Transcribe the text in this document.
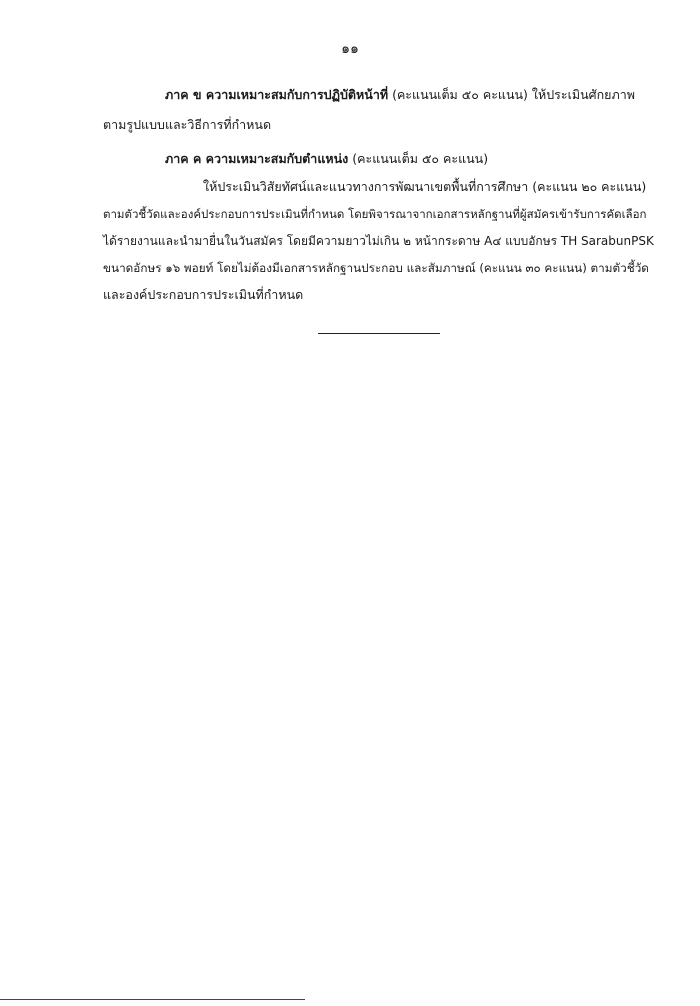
๑๑
ภาค ข ความเหมาะสมกับการปฏิบัติหน้าที่ (คะแนนเต็ม ๕๐ คะแนน) ให้ประเมินศักยภาพ
ตามรูปแบบและวิธีการที่กำหนด
ภาค ค ความเหมาะสมกับตำแหน่ง (คะแนนเต็ม ๕๐ คะแนน)
ให้ประเมินวิสัยทัศน์และแนวทางการพัฒนาเขตพื้นที่การศึกษา (คะแนน ๒๐ คะแนน)
ตามตัวชี้วัดและองค์ประกอบการประเมินที่กำหนด โดยพิจารณาจากเอกสารหลักฐานที่ผู้สมัครเข้ารับการคัดเลือก
ได้รายงานและนำมายื่นในวันสมัคร โดยมีความยาวไม่เกิน ๒ หน้ากระดาษ A๔ แบบอักษร TH SarabunPSK
ขนาดอักษร ๑๖ พอยท์ โดยไม่ต้องมีเอกสารหลักฐานประกอบ และสัมภาษณ์ (คะแนน ๓๐ คะแนน) ตามตัวชี้วัด
และองค์ประกอบการประเมินที่กำหนด
